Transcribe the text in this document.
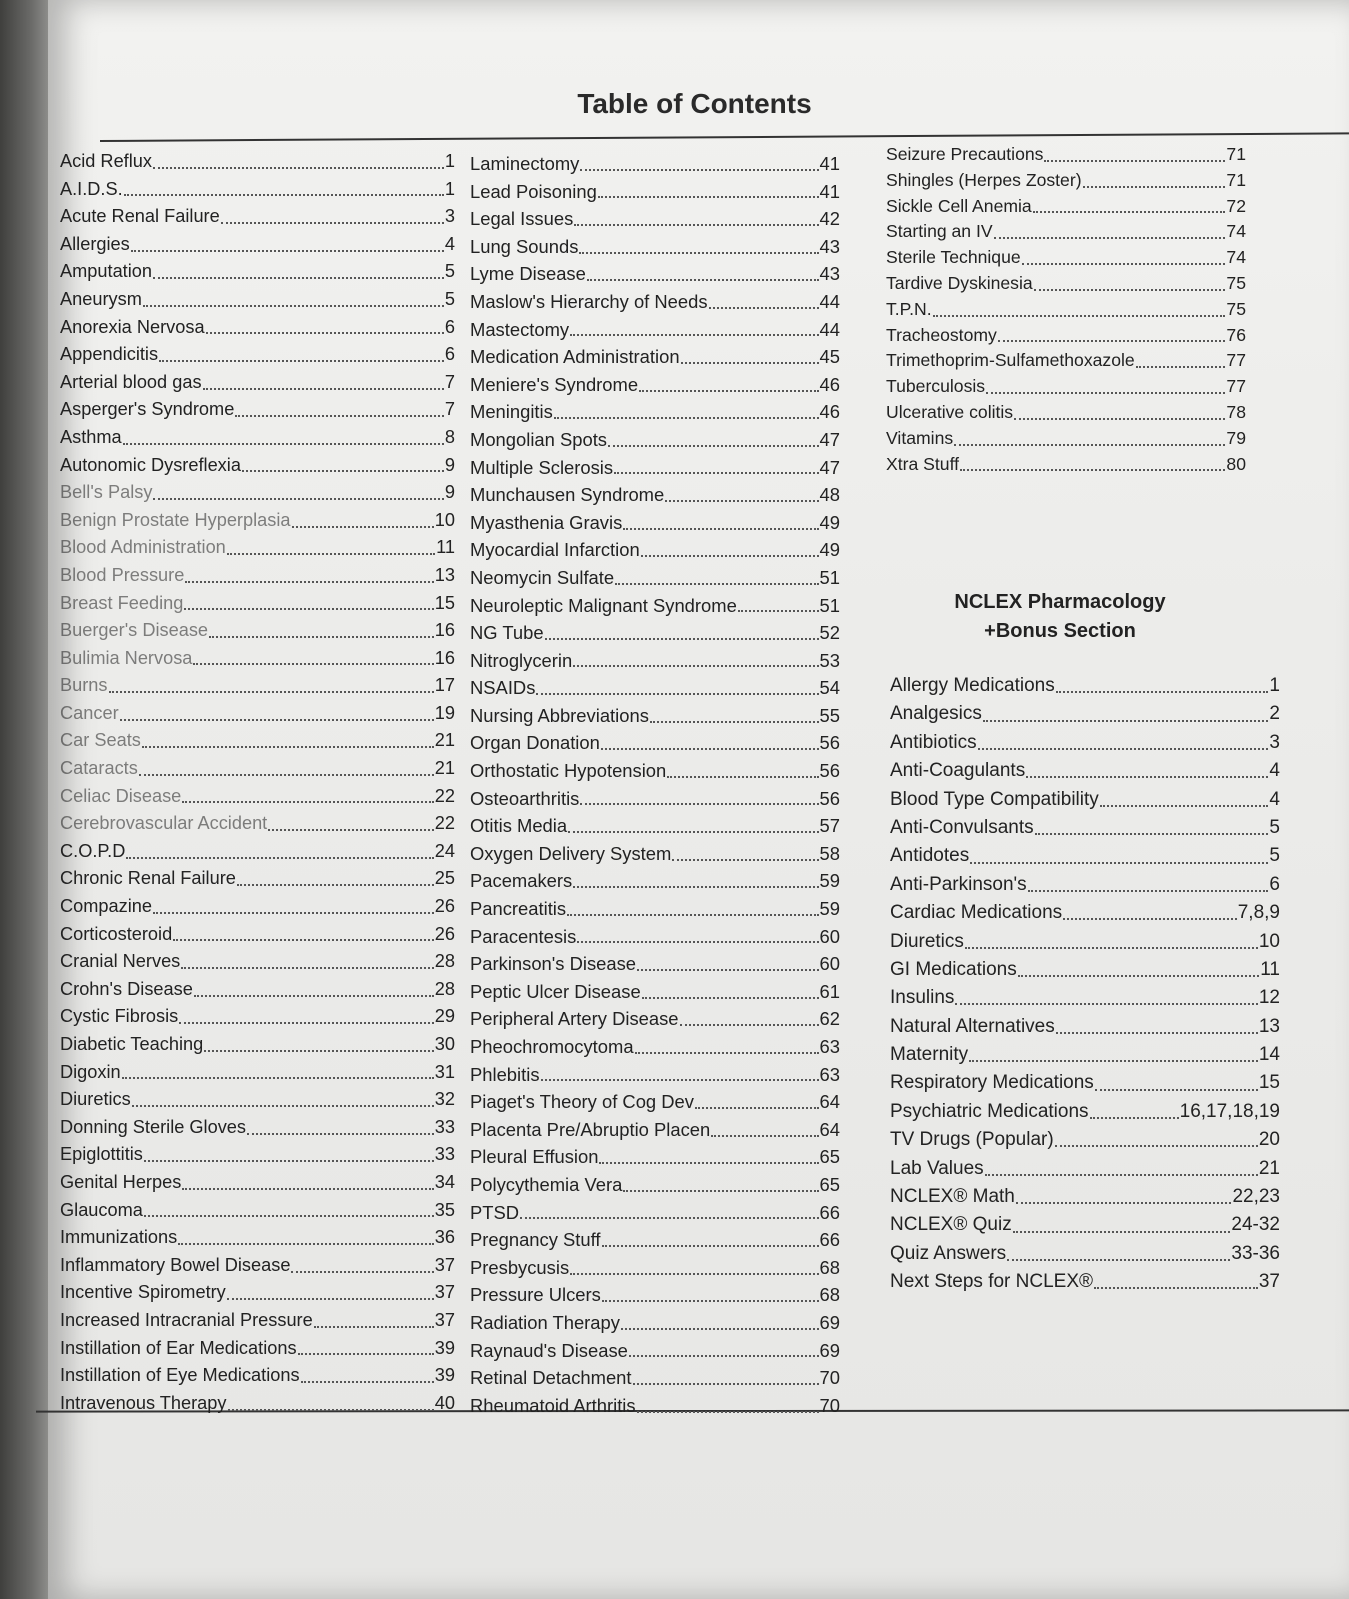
Table of Contents
Acid Reflux	1
A.I.D.S.	1
Acute Renal Failure	3
Allergies	4
Amputation	5
Aneurysm	5
Anorexia Nervosa	6
Appendicitis	6
Arterial blood gas	7
Asperger's Syndrome	7
Asthma	8
Autonomic Dysreflexia	9
Bell's Palsy	9
Benign Prostate Hyperplasia	10
Blood Administration	11
Blood Pressure	13
Breast Feeding	15
Buerger's Disease	16
Bulimia Nervosa	16
Burns	17
Cancer	19
Car Seats	21
Cataracts	21
Celiac Disease	22
Cerebrovascular Accident	22
C.O.P.D	24
Chronic Renal Failure	25
Compazine	26
Corticosteroid	26
Cranial Nerves	28
Crohn's Disease	28
Cystic Fibrosis	29
Diabetic Teaching	30
Digoxin	31
Diuretics	32
Donning Sterile Gloves	33
Epiglottitis	33
Genital Herpes	34
Glaucoma	35
Immunizations	36
Inflammatory Bowel Disease	37
Incentive Spirometry	37
Increased Intracranial Pressure	37
Instillation of Ear Medications	39
Instillation of Eye Medications	39
Intravenous Therapy	40
Laminectomy	41
Lead Poisoning	41
Legal Issues	42
Lung Sounds	43
Lyme Disease	43
Maslow's Hierarchy of Needs	44
Mastectomy	44
Medication Administration	45
Meniere's Syndrome	46
Meningitis	46
Mongolian Spots	47
Multiple Sclerosis	47
Munchausen Syndrome	48
Myasthenia Gravis	49
Myocardial Infarction	49
Neomycin Sulfate	51
Neuroleptic Malignant Syndrome	51
NG Tube	52
Nitroglycerin	53
NSAIDs	54
Nursing Abbreviations	55
Organ Donation	56
Orthostatic Hypotension	56
Osteoarthritis	56
Otitis Media	57
Oxygen Delivery System	58
Pacemakers	59
Pancreatitis	59
Paracentesis	60
Parkinson's Disease	60
Peptic Ulcer Disease	61
Peripheral Artery Disease	62
Pheochromocytoma	63
Phlebitis	63
Piaget's Theory of Cog Dev	64
Placenta Pre/Abruptio Placen	64
Pleural Effusion	65
Polycythemia Vera	65
PTSD	66
Pregnancy Stuff	66
Presbycusis	68
Pressure Ulcers	68
Radiation Therapy	69
Raynaud's Disease	69
Retinal Detachment	70
Rheumatoid Arthritis	70
Seizure Precautions	71
Shingles (Herpes Zoster)	71
Sickle Cell Anemia	72
Starting an IV	74
Sterile Technique	74
Tardive Dyskinesia	75
T.P.N.	75
Tracheostomy	76
Trimethoprim-Sulfamethoxazole	77
Tuberculosis	77
Ulcerative colitis	78
Vitamins	79
Xtra Stuff	80
NCLEX Pharmacology
+Bonus Section
Allergy Medications	1
Analgesics	2
Antibiotics	3
Anti-Coagulants	4
Blood Type Compatibility	4
Anti-Convulsants	5
Antidotes	5
Anti-Parkinson's	6
Cardiac Medications	7,8,9
Diuretics	10
GI Medications	11
Insulins	12
Natural Alternatives	13
Maternity	14
Respiratory Medications	15
Psychiatric Medications	16,17,18,19
TV Drugs (Popular)	20
Lab Values	21
NCLEX® Math	22,23
NCLEX® Quiz	24-32
Quiz Answers	33-36
Next Steps for NCLEX®	37
